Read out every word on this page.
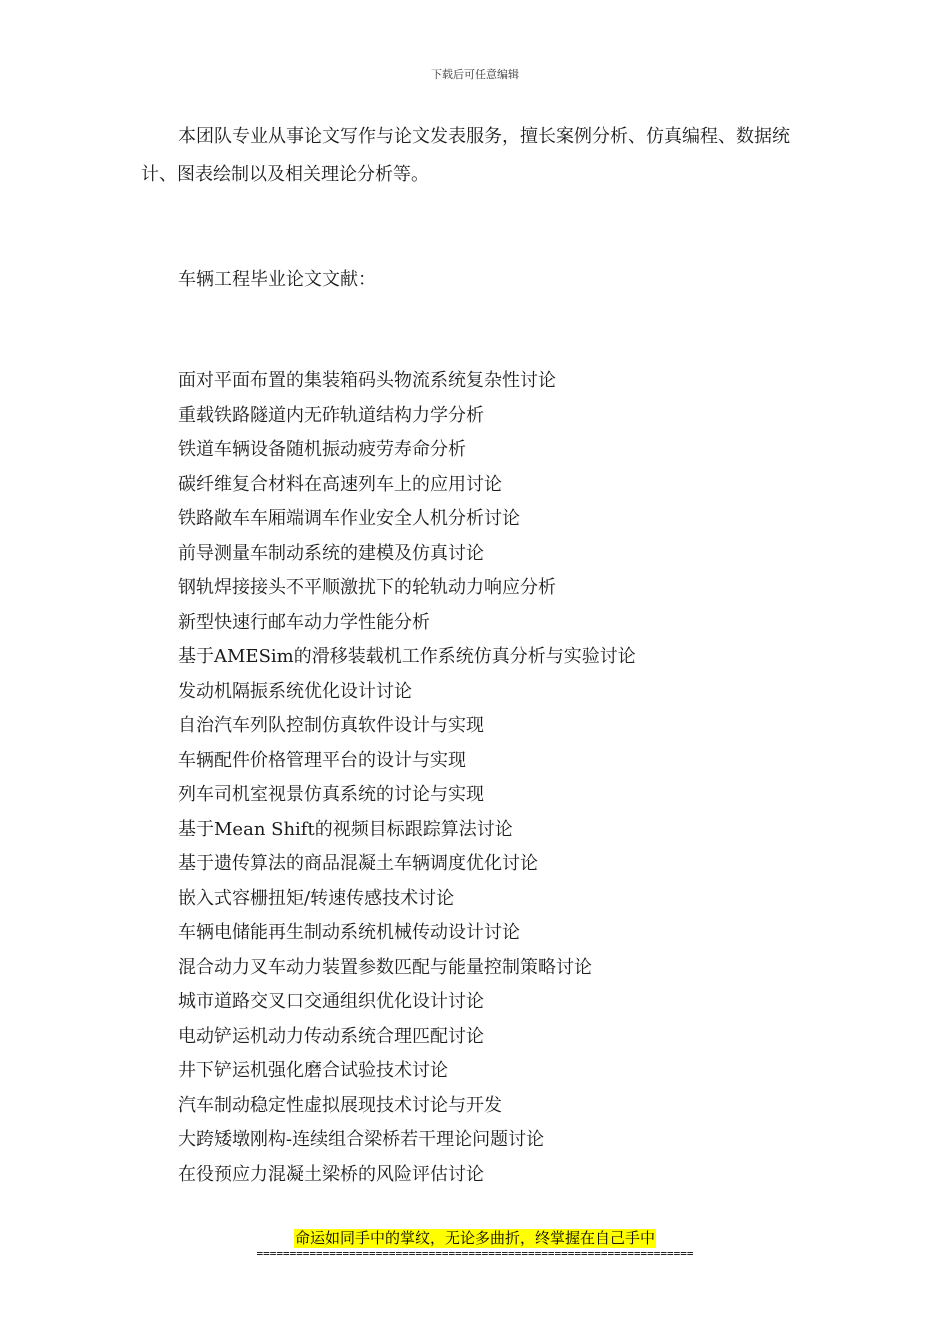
下载后可任意编辑

本团队专业从事论文写作与论文发表服务，擅长案例分析、仿真编程、数据统计、图表绘制以及相关理论分析等。

车辆工程毕业论文文献：

面对平面布置的集装箱码头物流系统复杂性讨论
重载铁路隧道内无砟轨道结构力学分析
铁道车辆设备随机振动疲劳寿命分析
碳纤维复合材料在高速列车上的应用讨论
铁路敞车车厢端调车作业安全人机分析讨论
前导测量车制动系统的建模及仿真讨论
钢轨焊接接头不平顺激扰下的轮轨动力响应分析
新型快速行邮车动力学性能分析
基于AMESim的滑移装载机工作系统仿真分析与实验讨论
发动机隔振系统优化设计讨论
自治汽车列队控制仿真软件设计与实现
车辆配件价格管理平台的设计与实现
列车司机室视景仿真系统的讨论与实现
基于Mean Shift的视频目标跟踪算法讨论
基于遗传算法的商品混凝土车辆调度优化讨论
嵌入式容栅扭矩/转速传感技术讨论
车辆电储能再生制动系统机械传动设计讨论
混合动力叉车动力装置参数匹配与能量控制策略讨论
城市道路交叉口交通组织优化设计讨论
电动铲运机动力传动系统合理匹配讨论
井下铲运机强化磨合试验技术讨论
汽车制动稳定性虚拟展现技术讨论与开发
大跨矮墩刚构-连续组合梁桥若干理论问题讨论
在役预应力混凝土梁桥的风险评估讨论
命运如同手中的掌纹，无论多曲折，终掌握在自己手中
==================================================================
